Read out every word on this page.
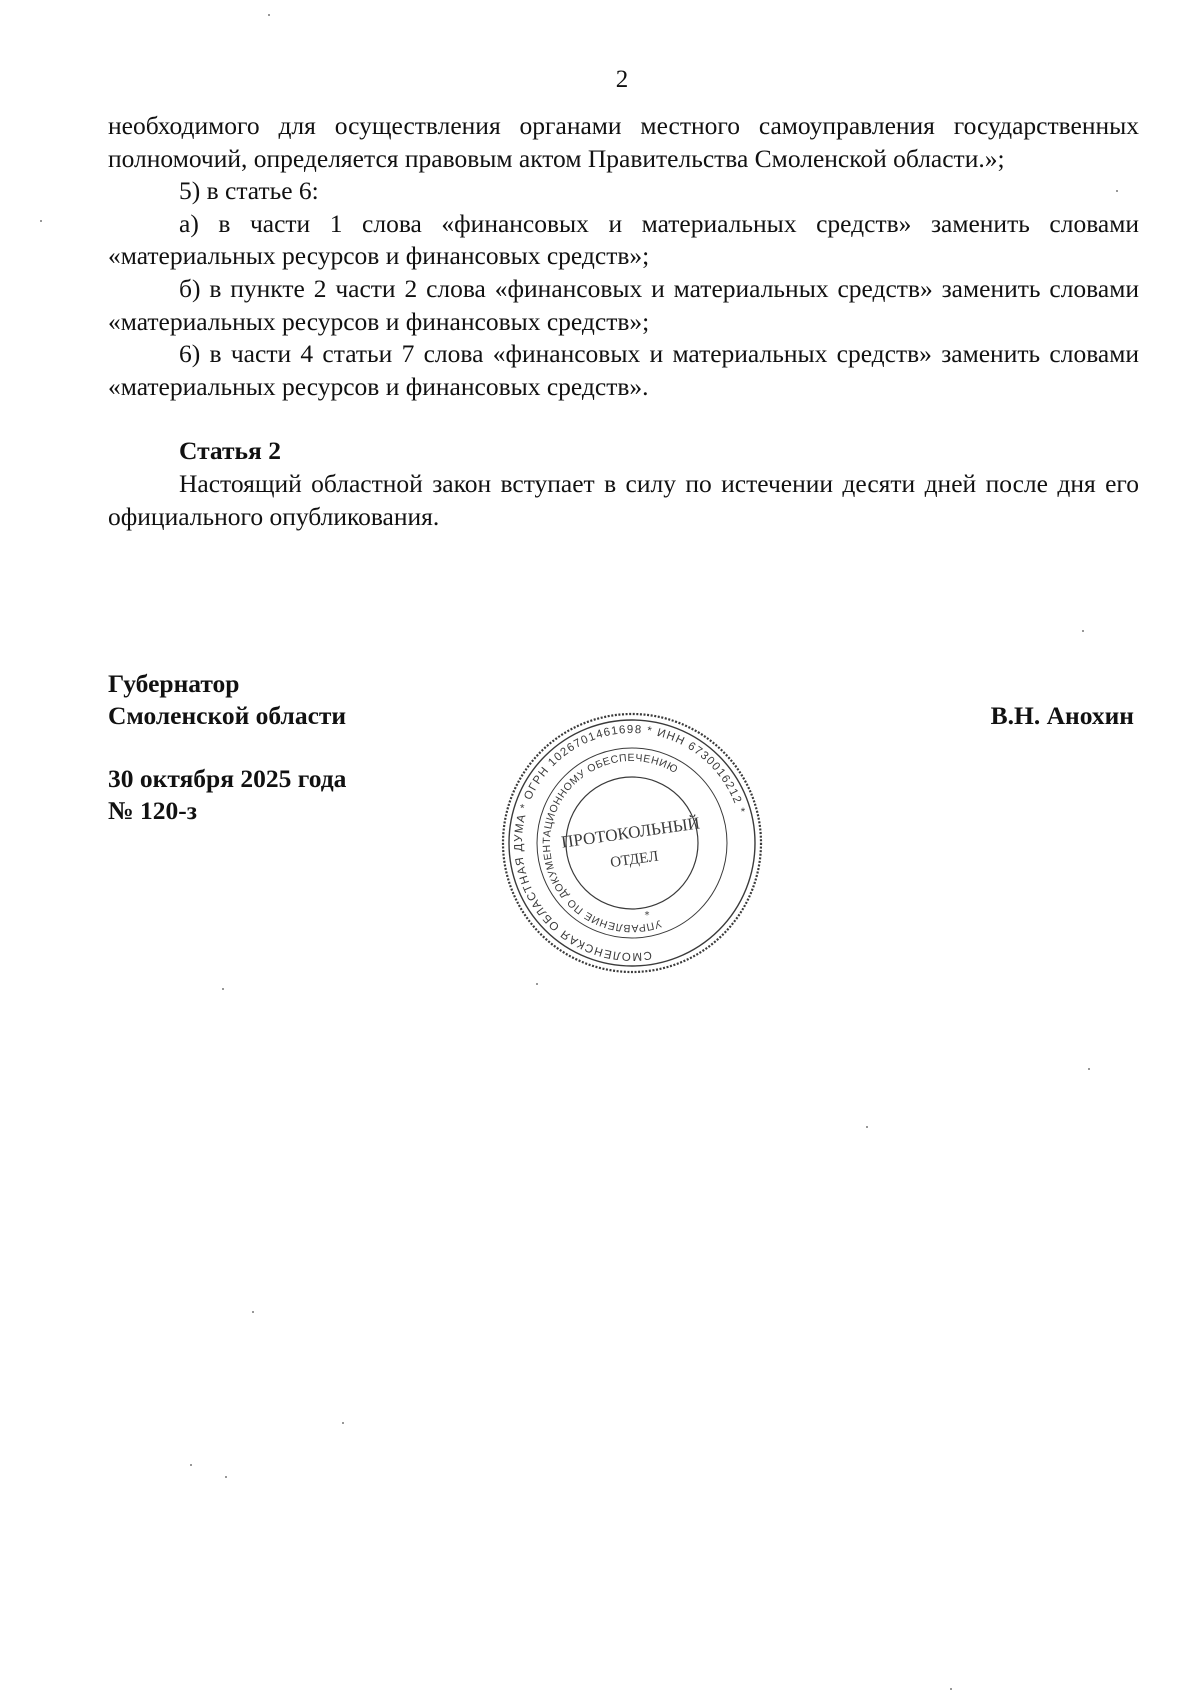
2

необходимого для осуществления органами местного самоуправления государственных полномочий, определяется правовым актом Правительства Смоленской области.»;

5) в статье 6:

а) в части 1 слова «финансовых и материальных средств» заменить словами «материальных ресурсов и финансовых средств»;

б) в пункте 2 части 2 слова «финансовых и материальных средств» заменить словами «материальных ресурсов и финансовых средств»;

6) в части 4 статьи 7 слова «финансовых и материальных средств» заменить словами «материальных ресурсов и финансовых средств».

Статья 2

Настоящий областной закон вступает в силу по истечении десяти дней после дня его официального опубликования.

Губернатор
Смоленской области
30 октября 2025 года
№ 120-з
В.Н. Анохин
СМОЛЕНСКАЯ ОБЛАСТНАЯ ДУМА * ОГРН 1026701461698 * ИНН 6730016212 *
УПРАВЛЕНИЕ ПО ДОКУМЕНТАЦИОННОМУ ОБЕСПЕЧЕНИЮ
ПРОТОКОЛЬНЫЙ
ОТДЕЛ
*
